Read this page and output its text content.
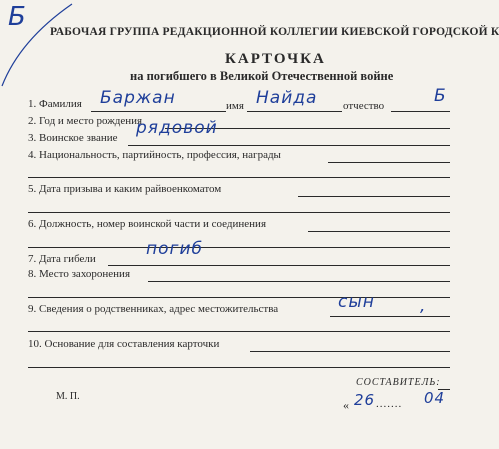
Б РАБОЧАЯ ГРУППА РЕДАКЦИОННОЙ КОЛЛЕГИИ КИЕВСКОЙ ГОРОДСКОЙ К
КАРТОЧКА
на погибшего в Великой Отечественной войне
1. Фамилия Баржан	имя Найда отчество	Б
2. Год и место рождения
3. Воинское звание рядовой
4. Национальность, партийность, профессия, награды
5. Дата призыва и каким райвоенкоматом
6. Должность, номер воинской части и соединения
7. Дата гибели	погиб
8. Место захоронения
9. Сведения о родственниках, адрес местожительства	сын	,
10. Основание для составления карточки
М. П.
СОСТАВИТЕЛЬ:
« 26 ....... 04
